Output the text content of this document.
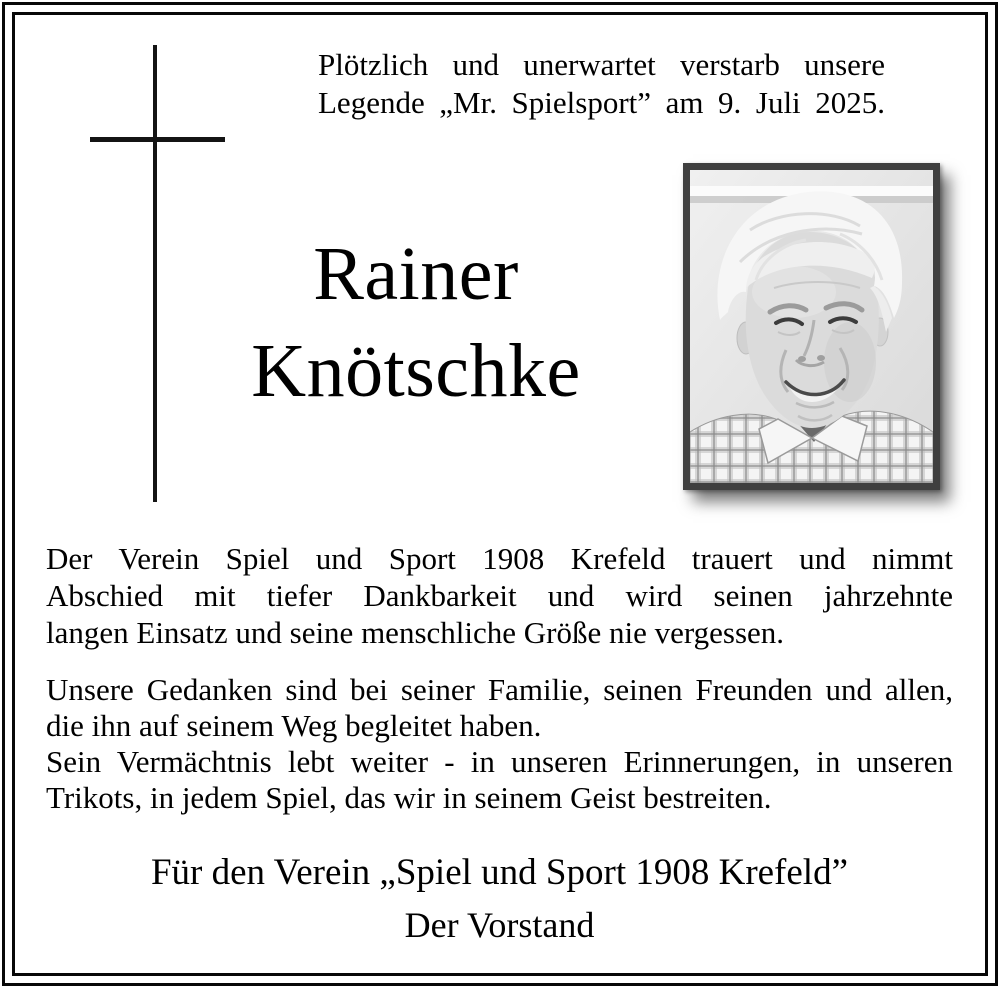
Plötzlich und unerwartet verstarb unsere
Legende „Mr. Spielsport” am 9. Juli 2025.
Rainer
Knötschke
Der Verein Spiel und Sport 1908 Krefeld trauert und nimmt
Abschied mit tiefer Dankbarkeit und wird seinen jahrzehnte
langen Einsatz und seine menschliche Größe nie vergessen.
Unsere Gedanken sind bei seiner Familie, seinen Freunden und allen,
die ihn auf seinem Weg begleitet haben.
Sein Vermächtnis lebt weiter - in unseren Erinnerungen, in unseren
Trikots, in jedem Spiel, das wir in seinem Geist bestreiten.
Für den Verein „Spiel und Sport 1908 Krefeld”
Der Vorstand
